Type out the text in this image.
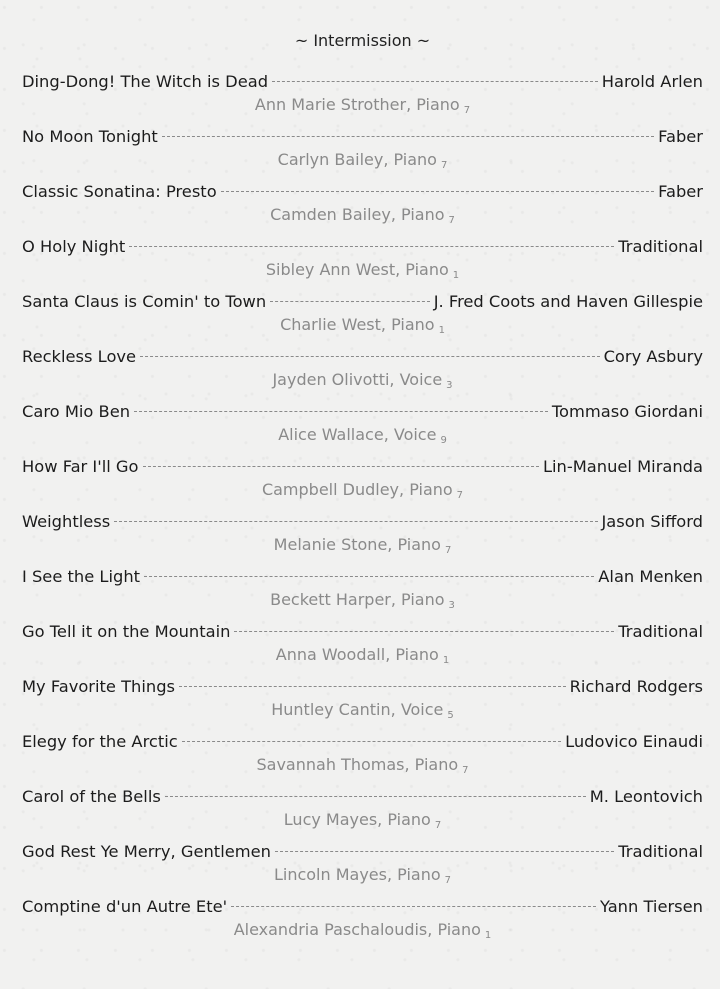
~ Intermission ~
Ding-Dong! The Witch is Dead	Harold Arlen
Ann Marie Strother, Piano 7
No Moon Tonight	Faber
Carlyn Bailey, Piano 7
Classic Sonatina: Presto	Faber
Camden Bailey, Piano 7
O Holy Night	Traditional
Sibley Ann West, Piano 1
Santa Claus is Comin' to Town	J. Fred Coots and Haven Gillespie
Charlie West, Piano 1
Reckless Love	Cory Asbury
Jayden Olivotti, Voice 3
Caro Mio Ben	Tommaso Giordani
Alice Wallace, Voice 9
How Far I'll Go	Lin-Manuel Miranda
Campbell Dudley, Piano 7
Weightless	Jason Sifford
Melanie Stone, Piano 7
I See the Light	Alan Menken
Beckett Harper, Piano 3
Go Tell it on the Mountain	Traditional
Anna Woodall, Piano 1
My Favorite Things	Richard Rodgers
Huntley Cantin, Voice 5
Elegy for the Arctic	Ludovico Einaudi
Savannah Thomas, Piano 7
Carol of the Bells	M. Leontovich
Lucy Mayes, Piano 7
God Rest Ye Merry, Gentlemen	Traditional
Lincoln Mayes, Piano 7
Comptine d'un Autre Ete'	Yann Tiersen
Alexandria Paschaloudis, Piano 1
